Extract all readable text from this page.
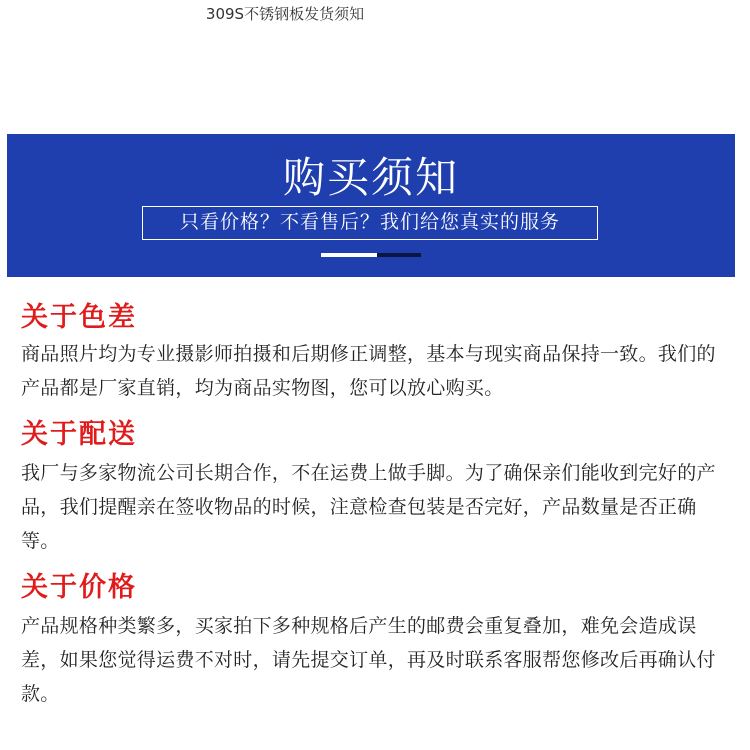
309S不锈钢板发货须知
购买须知
只看价格？不看售后？我们给您真实的服务
关于色差
商品照片均为专业摄影师拍摄和后期修正调整，基本与现实商品保持一致。我们的产品都是厂家直销，均为商品实物图，您可以放心购买。
关于配送
我厂与多家物流公司长期合作，不在运费上做手脚。为了确保亲们能收到完好的产品，我们提醒亲在签收物品的时候，注意检查包装是否完好，产品数量是否正确等。
关于价格
产品规格种类繁多，买家拍下多种规格后产生的邮费会重复叠加，难免会造成误差，如果您觉得运费不对时，请先提交订单，再及时联系客服帮您修改后再确认付款。
